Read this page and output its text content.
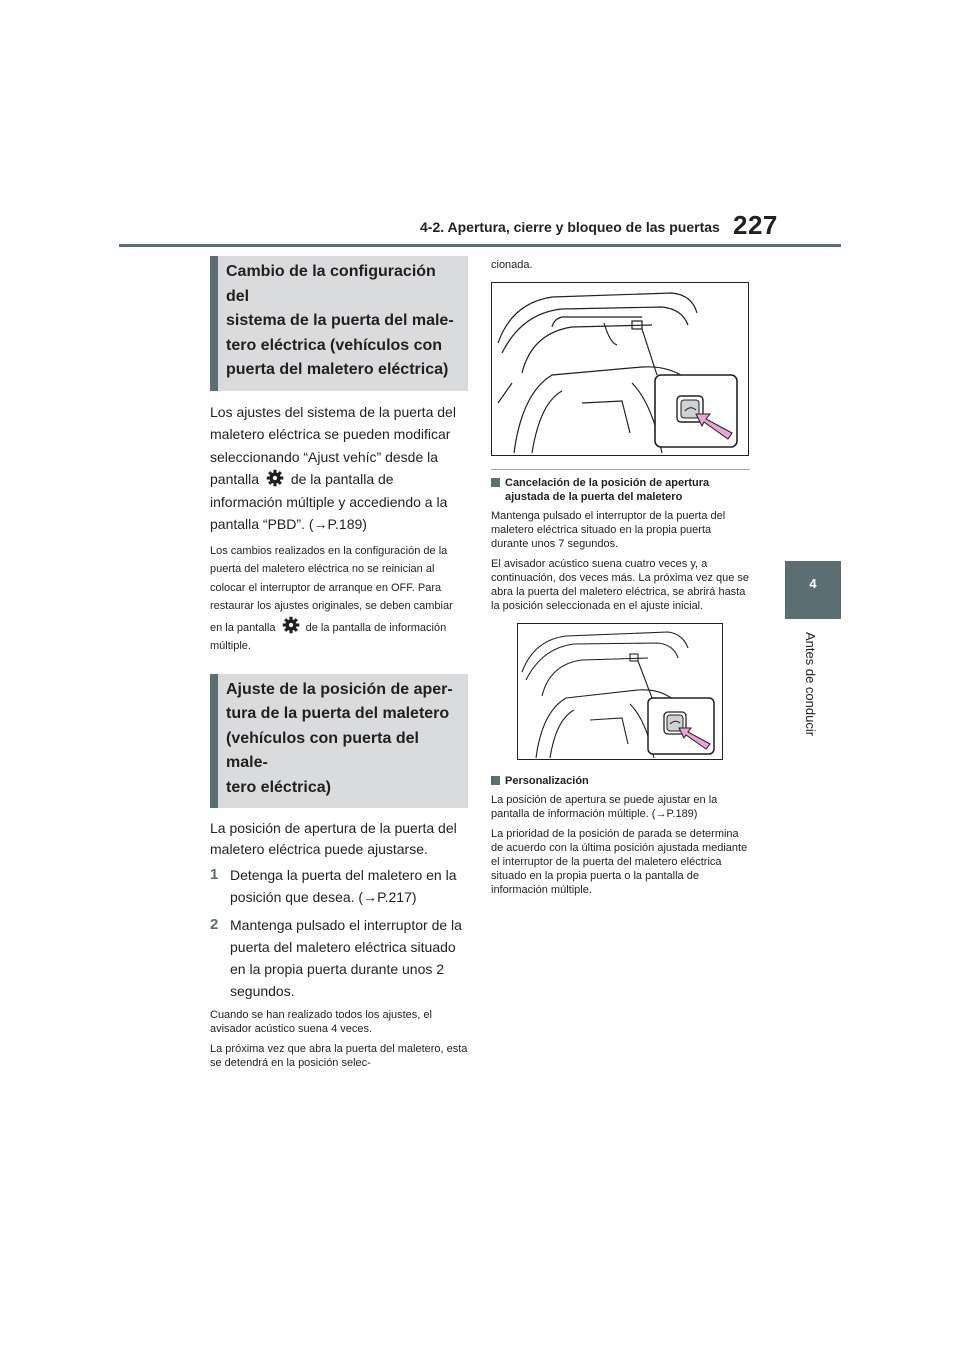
4-2. Apertura, cierre y bloqueo de las puertas 227
4
Antes de conducir
Cambio de la configuración del
sistema de la puerta del male-
tero eléctrica (vehículos con
puerta del maletero eléctrica)

Los ajustes del sistema de la puerta del maletero eléctrica se pueden modificar seleccionando “Ajust vehíc” desde la pantalla de la pantalla de información múltiple y accediendo a la pantalla “PBD”. (→P.189)

Los cambios realizados en la configuración de la puerta del maletero eléctrica no se reinician al colocar el interruptor de arranque en OFF. Para restaurar los ajustes originales, se deben cambiar en la pantalla	de la pantalla de información múltiple.

Ajuste de la posición de aper-
tura de la puerta del maletero
(vehículos con puerta del male-
tero eléctrica)

La posición de apertura de la puerta del maletero eléctrica puede ajustarse.

1 Detenga la puerta del maletero en la posición que desea. (→P.217)
2 Mantenga pulsado el interruptor de la puerta del maletero eléctrica situado en la propia puerta durante unos 2 segundos.

Cuando se han realizado todos los ajustes, el avisador acústico suena 4 veces.

La próxima vez que abra la puerta del maletero, esta se detendrá en la posición selec-

cionada.

Cancelación de la posición de apertura ajustada de la puerta del maletero

Mantenga pulsado el interruptor de la puerta del maletero eléctrica situado en la propia puerta durante unos 7 segundos.

El avisador acústico suena cuatro veces y, a continuación, dos veces más. La próxima vez que se abra la puerta del maletero eléctrica, se abrirá hasta la posición seleccionada en el ajuste inicial.

Personalización

La posición de apertura se puede ajustar en la pantalla de información múltiple. (→P.189)

La prioridad de la posición de parada se determina de acuerdo con la última posición ajustada mediante el interruptor de la puerta del maletero eléctrica situado en la propia puerta o la pantalla de información múltiple.
